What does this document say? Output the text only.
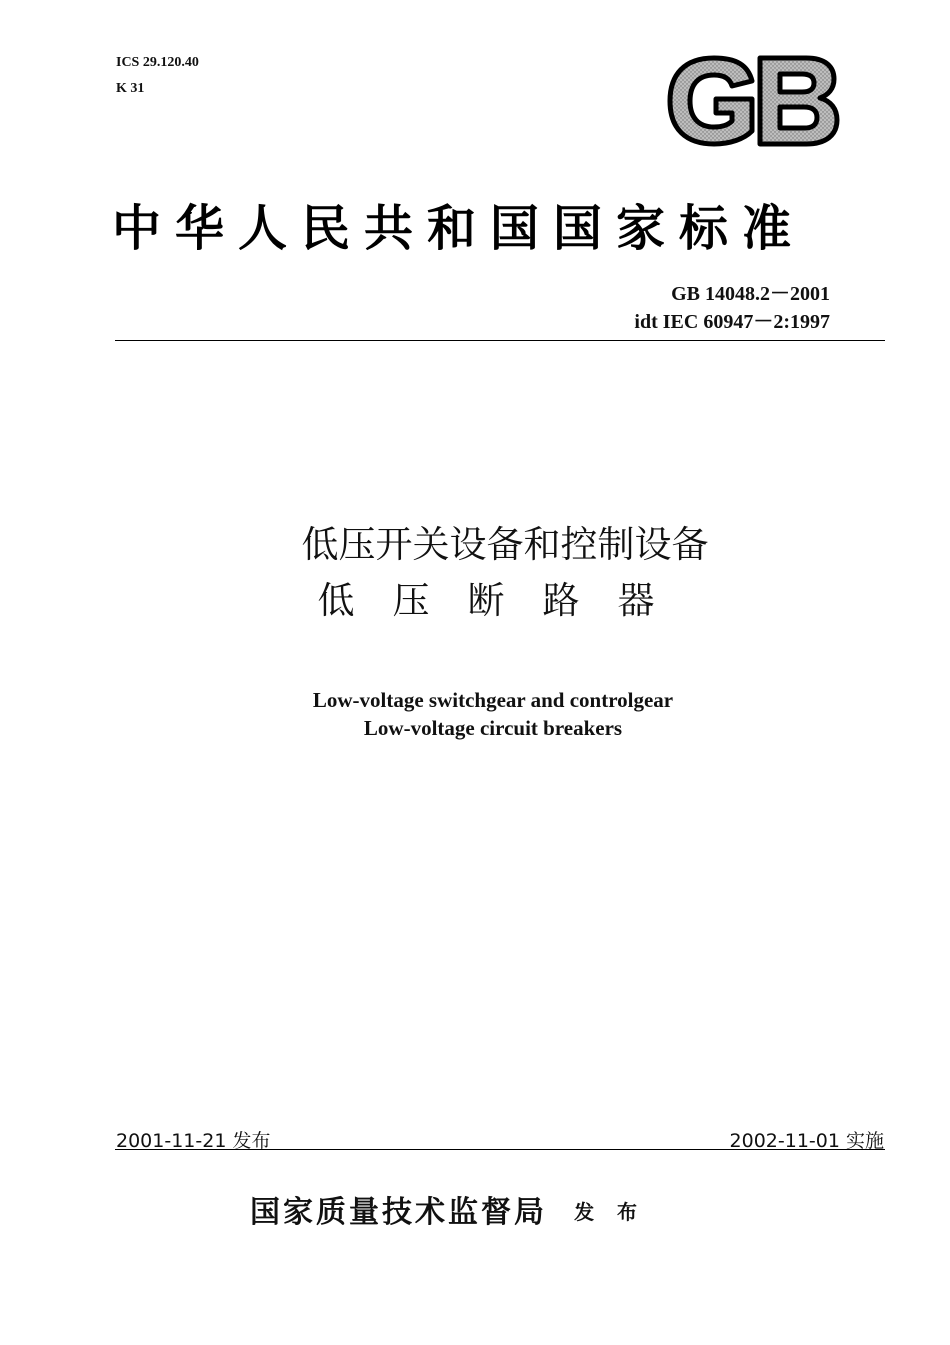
ICS 29.120.40
K 31
中华人民共和国国家标准
GB 14048.2－2001
idt IEC 60947－2:1997
低压开关设备和控制设备
低压断路器
Low-voltage switchgear and controlgear
Low-voltage circuit breakers
2001-11-21 发布	2002-11-01 实施
国家质量技术监督局 发 布
